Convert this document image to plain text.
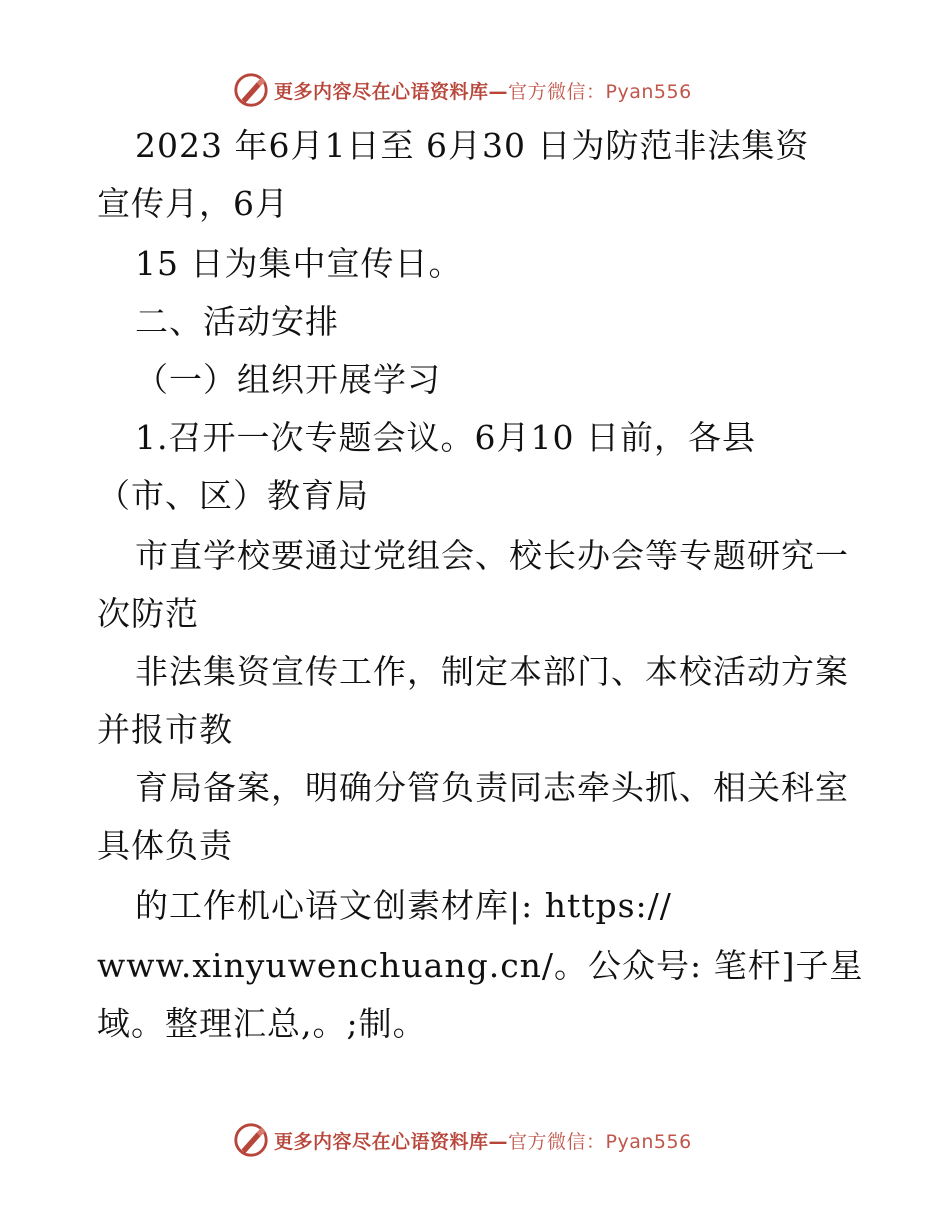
更多内容尽在心语资料库—官方微信：Pyan556
2023 年6月1日至 6月30 日为防范非法集资
宣传月，6月
15 日为集中宣传日。
二、活动安排
（一）组织开展学习
1.召开一次专题会议。6月10 日前，各县
（市、区）教育局
市直学校要通过党组会、校长办会等专题研究一
次防范
非法集资宣传工作，制定本部门、本校活动方案
并报市教
育局备案，明确分管负责同志牵头抓、相关科室
具体负责
的工作机心语文创素材库|: https://
www.xinyuwenchuang.cn/。公众号: 笔杆]子星
域。整理汇总,。;制。
更多内容尽在心语资料库—官方微信：Pyan556
